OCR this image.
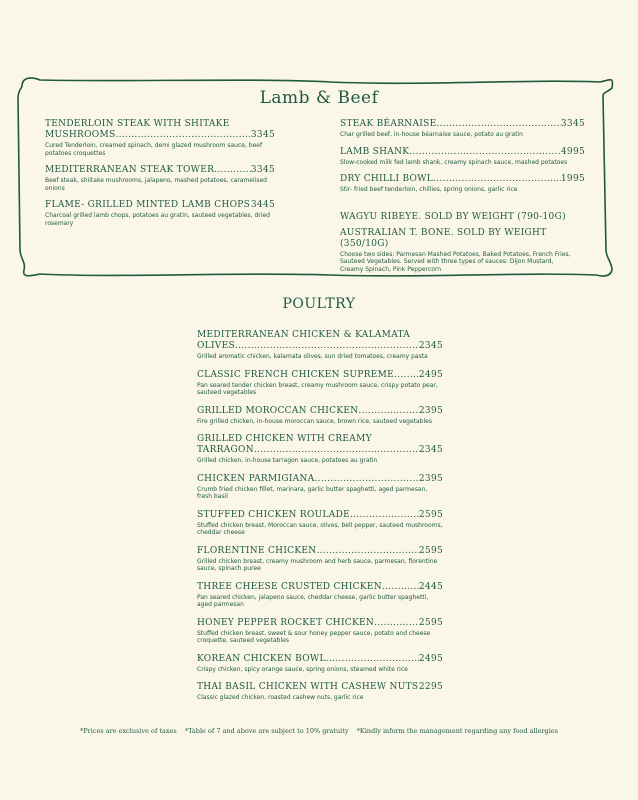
Lamb & Beef
TENDERLOIN STEAK WITH SHITAKE
MUSHROOMS .....	3345
Cured Tenderloin, creamed spinach, demi glazed mushroom sauce, beef potatoes croquettes
MEDITERRANEAN STEAK TOWER .....	3345
Beef steak, shiitake mushrooms, jalapeno, mashed potatoes, caramelised onions
FLAME- GRILLED MINTED LAMB CHOPS ..... 3445
Charcoal grilled lamb chops, potatoes au gratin, sauteed vegetables, dried rosemary
STEAK BÉARNAISE .....	3345
Char grilled beef, in-house béarnaise sauce, potato au gratin
LAMB SHANK .....	4995
Slow-cooked milk fed lamb shank, creamy spinach sauce, mashed potatoes
DRY CHILLI BOWL .....	1995
Stir- fried beef tenderloin, chillies, spring onions, garlic rice
WAGYU RIBEYE. SOLD BY WEIGHT (790-10G)
AUSTRALIAN T. BONE. SOLD BY WEIGHT (350/10G)
Choose two sides: Parmesan Mashed Potatoes, Baked Potatoes, French Fries, Sauteed Vegetables. Served with three types of sauces: Dijon Mustard, Creamy Spinach, Pink Peppercorn
POULTRY
MEDITERRANEAN CHICKEN & KALAMATA
OLIVES .....	2345
Grilled aromatic chicken, kalamata olives, sun dried tomatoes, creamy pasta
CLASSIC FRENCH CHICKEN SUPREME .....	2495
Pan seared tender chicken breast, creamy mushroom sauce, crispy potato pear, sauteed vegetables
GRILLED MOROCCAN CHICKEN .....	2395
Fire grilled chicken, in-house moroccan sauce, brown rice, sauteed vegetables
GRILLED CHICKEN WITH CREAMY
TARRAGON .....	2345
Grilled chicken, in-house tarragon sauce, potatoes au gratin
CHICKEN PARMIGIANA .....	2395
Crumb fried chicken fillet, marinara, garlic butter spaghetti, aged parmesan, fresh basil
STUFFED CHICKEN ROULADE .....	2595
Stuffed chicken breast, Moroccan sauce, olives, bell pepper, sauteed mushrooms, cheddar cheese
FLORENTINE CHICKEN .....	2595
Grilled chicken breast, creamy mushroom and herb sauce, parmesan, florentine sauce, spinach puree
THREE CHEESE CRUSTED CHICKEN .....	2445
Pan seared chicken, jalapeno sauce, cheddar cheese, garlic butter spaghetti, aged parmesan
HONEY PEPPER ROCKET CHICKEN .....	2595
Stuffed chicken breast, sweet & sour honey pepper sauce, potato and cheese croquette, sauteed vegetables
KOREAN CHICKEN BOWL .....	2495
Crispy chicken, spicy orange sauce, spring onions, steamed white rice
THAI BASIL CHICKEN WITH CASHEW NUTS ..... 2295
Classic glazed chicken, roasted cashew nuts, garlic rice
*Prices are exclusive of taxes *Table of 7 and above are subject to 10% gratuity *Kindly inform the management regarding any food allergies
